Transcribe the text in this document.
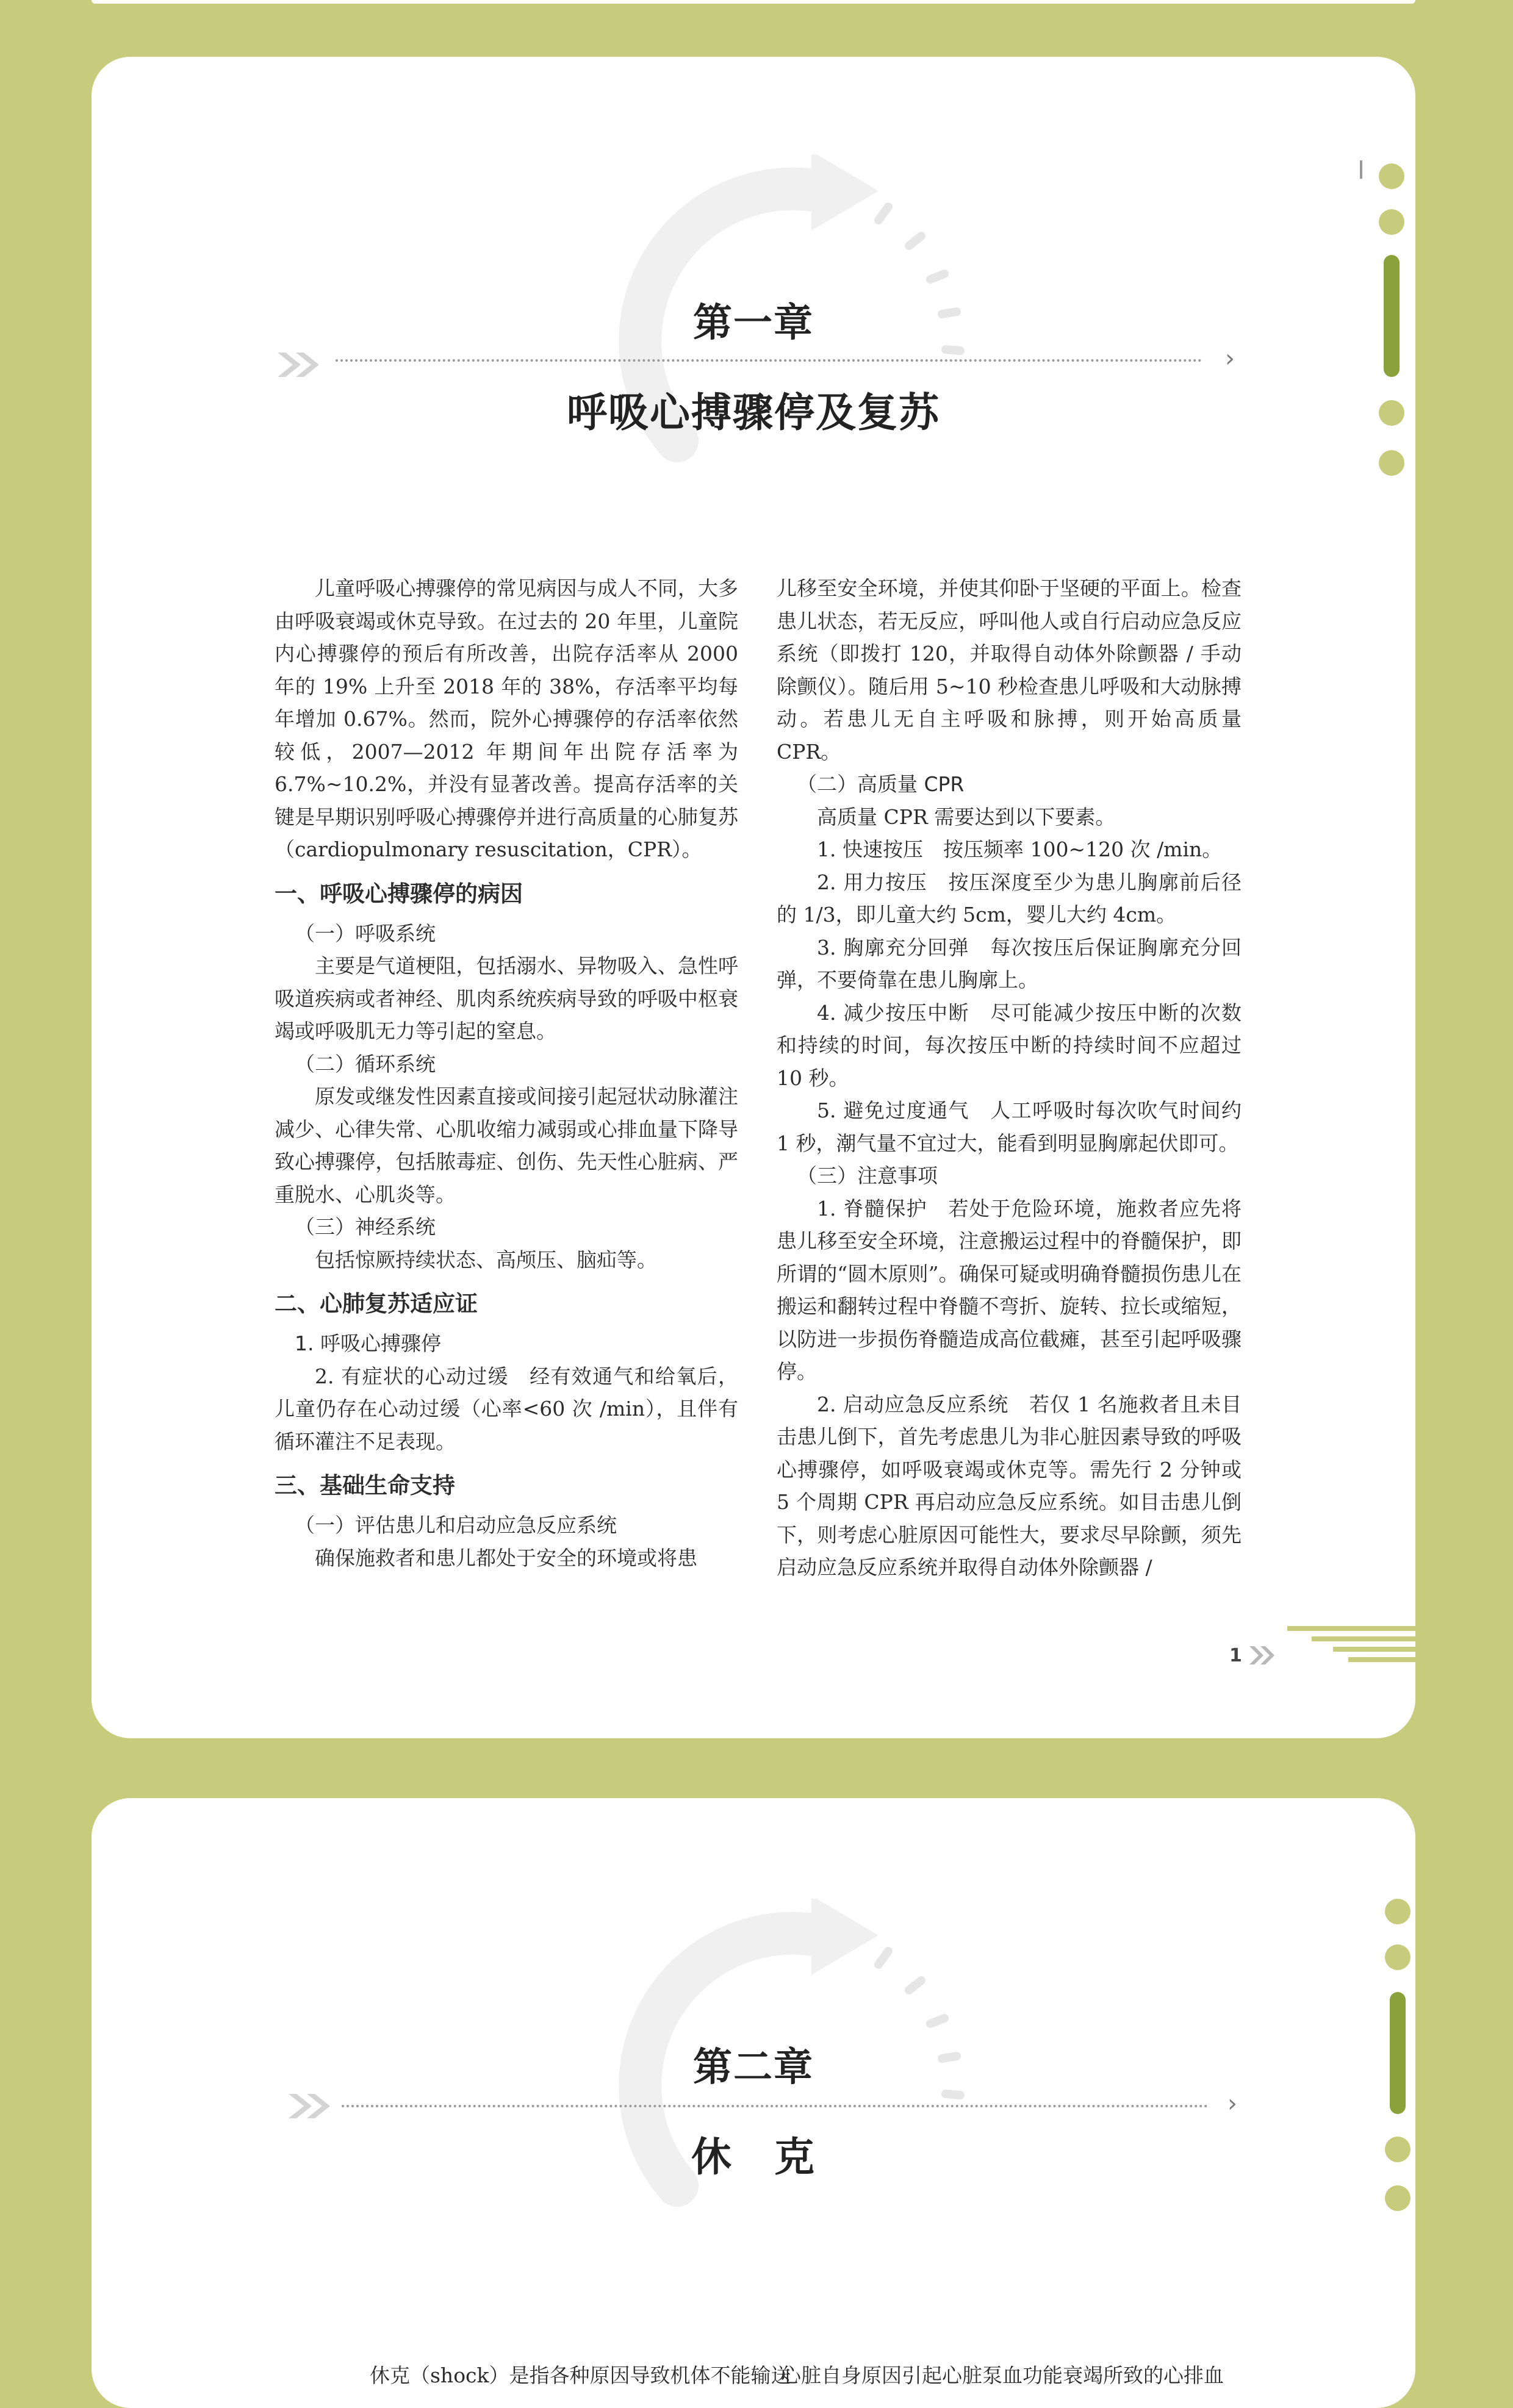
第一章
›
呼吸心搏骤停及复苏

儿童呼吸心搏骤停的常见病因与成人不同，大多由呼吸衰竭或休克导致。在过去的 20 年里，儿童院内心搏骤停的预后有所改善，出院存活率从 2000 年的 19% 上升至 2018 年的 38%，存活率平均每年增加 0.67%。然而，院外心搏骤停的存活率依然较低，2007—2012 年期间年出院存活率为 6.7%~10.2%，并没有显著改善。提高存活率的关键是早期识别呼吸心搏骤停并进行高质量的心肺复苏（cardiopulmonary resuscitation，CPR）。

一、呼吸心搏骤停的病因

（一）呼吸系统

主要是气道梗阻，包括溺水、异物吸入、急性呼吸道疾病或者神经、肌肉系统疾病导致的呼吸中枢衰竭或呼吸肌无力等引起的窒息。

（二）循环系统

原发或继发性因素直接或间接引起冠状动脉灌注减少、心律失常、心肌收缩力减弱或心排血量下降导致心搏骤停，包括脓毒症、创伤、先天性心脏病、严重脱水、心肌炎等。

（三）神经系统

包括惊厥持续状态、高颅压、脑疝等。

二、心肺复苏适应证

1. 呼吸心搏骤停

2. 有症状的心动过缓　经有效通气和给氧后，儿童仍存在心动过缓（心率<60 次 /min），且伴有循环灌注不足表现。

三、基础生命支持

（一）评估患儿和启动应急反应系统

确保施救者和患儿都处于安全的环境或将患

儿移至安全环境，并使其仰卧于坚硬的平面上。检查患儿状态，若无反应，呼叫他人或自行启动应急反应系统（即拨打 120，并取得自动体外除颤器 / 手动除颤仪）。随后用 5~10 秒检查患儿呼吸和大动脉搏动。若患儿无自主呼吸和脉搏，则开始高质量 CPR。

（二）高质量 CPR

高质量 CPR 需要达到以下要素。

1. 快速按压　按压频率 100~120 次 /min。

2. 用力按压　按压深度至少为患儿胸廓前后径的 1/3，即儿童大约 5cm，婴儿大约 4cm。

3. 胸廓充分回弹　每次按压后保证胸廓充分回弹，不要倚靠在患儿胸廓上。

4. 减少按压中断　尽可能减少按压中断的次数和持续的时间，每次按压中断的持续时间不应超过 10 秒。

5. 避免过度通气　人工呼吸时每次吹气时间约 1 秒，潮气量不宜过大，能看到明显胸廓起伏即可。

（三）注意事项

1. 脊髓保护　若处于危险环境，施救者应先将患儿移至安全环境，注意搬运过程中的脊髓保护，即所谓的“圆木原则”。确保可疑或明确脊髓损伤患儿在搬运和翻转过程中脊髓不弯折、旋转、拉长或缩短，以防进一步损伤脊髓造成高位截瘫，甚至引起呼吸骤停。

2. 启动应急反应系统　若仅 1 名施救者且未目击患儿倒下，首先考虑患儿为非心脏因素导致的呼吸心搏骤停，如呼吸衰竭或休克等。需先行 2 分钟或 5 个周期 CPR 再启动应急反应系统。如目击患儿倒下，则考虑心脏原因可能性大，要求尽早除颤，须先启动应急反应系统并取得自动体外除颤器 /

1
第二章
›
休　克

休克（shock）是指各种原因导致机体不能输送

心脏自身原因引起心脏泵血功能衰竭所致的心排血
